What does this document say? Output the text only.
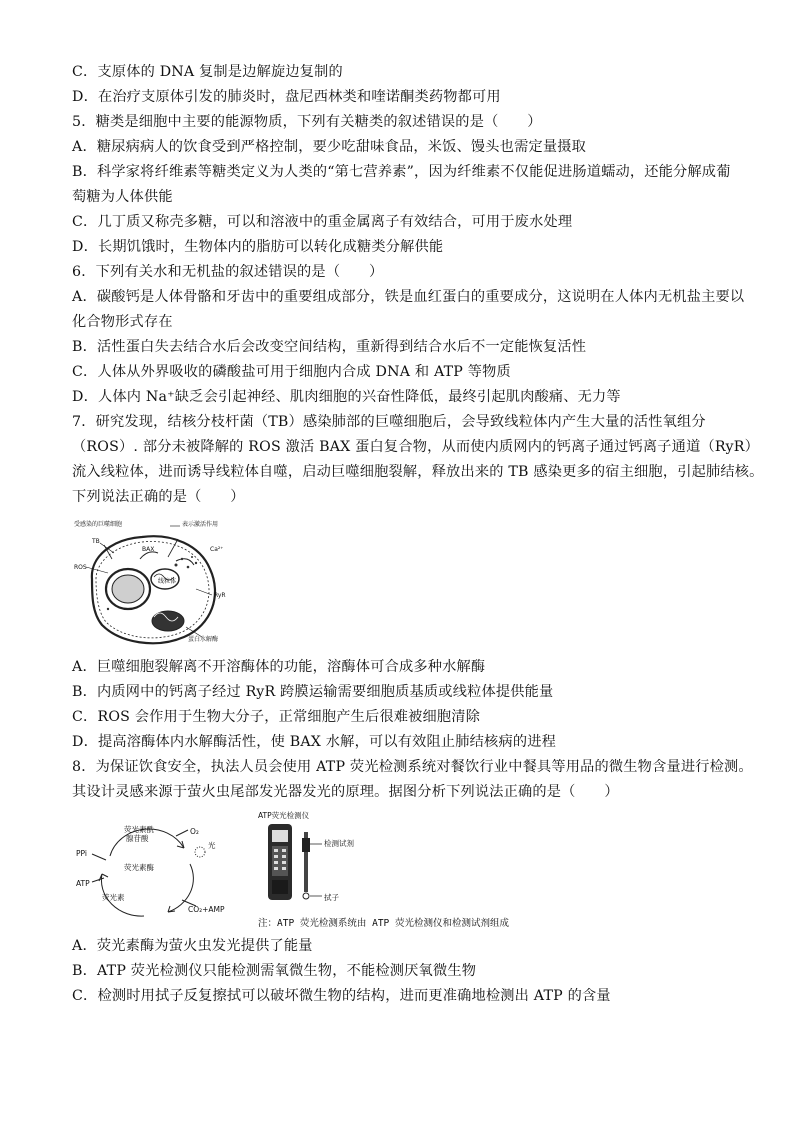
C．支原体的 DNA 复制是边解旋边复制的
D．在治疗支原体引发的肺炎时，盘尼西林类和喹诺酮类药物都可用
5．糖类是细胞中主要的能源物质，下列有关糖类的叙述错误的是（　　）
A．糖尿病病人的饮食受到严格控制，要少吃甜味食品，米饭、馒头也需定量摄取
B．科学家将纤维素等糖类定义为人类的“第七营养素”，因为纤维素不仅能促进肠道蠕动，还能分解成葡
萄糖为人体供能
C．几丁质又称壳多糖，可以和溶液中的重金属离子有效结合，可用于废水处理
D．长期饥饿时，生物体内的脂肪可以转化成糖类分解供能
6．下列有关水和无机盐的叙述错误的是（　　）
A．碳酸钙是人体骨骼和牙齿中的重要组成部分，铁是血红蛋白的重要成分，这说明在人体内无机盐主要以
化合物形式存在
B．活性蛋白失去结合水后会改变空间结构，重新得到结合水后不一定能恢复活性
C．人体从外界吸收的磷酸盐可用于细胞内合成 DNA 和 ATP 等物质
D．人体内 Na⁺缺乏会引起神经、肌肉细胞的兴奋性降低，最终引起肌肉酸痛、无力等
7．研究发现，结核分枝杆菌（TB）感染肺部的巨噬细胞后，会导致线粒体内产生大量的活性氧组分
（ROS）. 部分未被降解的 ROS 激活 BAX 蛋白复合物，从而使内质网内的钙离子通过钙离子通道（RyR）
流入线粒体，进而诱导线粒体自噬，启动巨噬细胞裂解，释放出来的 TB 感染更多的宿主细胞，引起肺结核。
下列说法正确的是（　　）
受感染的巨噬细胞	表示激活作用
TB
ROS
BAX	Ca²⁺
线粒体
RyR
蛋白水解酶
A．巨噬细胞裂解离不开溶酶体的功能，溶酶体可合成多种水解酶
B．内质网中的钙离子经过 RyR 跨膜运输需要细胞质基质或线粒体提供能量
C．ROS 会作用于生物大分子，正常细胞产生后很难被细胞清除
D．提高溶酶体内水解酶活性，使 BAX 水解，可以有效阻止肺结核病的进程
8．为保证饮食安全，执法人员会使用 ATP 荧光检测系统对餐饮行业中餐具等用品的微生物含量进行检测。
其设计灵感来源于萤火虫尾部发光器发光的原理。据图分析下列说法正确的是（　　）
荧光素酰
腺苷酸
O₂
光
PPi
荧光素酶
ATP
CO₂+AMP
荧光素
ATP荧光检测仪
检测试剂
拭子
注：ATP 荧光检测系统由 ATP 荧光检测仪和检测试剂组成
A．荧光素酶为萤火虫发光提供了能量
B．ATP 荧光检测仪只能检测需氧微生物，不能检测厌氧微生物
C．检测时用拭子反复擦拭可以破坏微生物的结构，进而更准确地检测出 ATP 的含量
